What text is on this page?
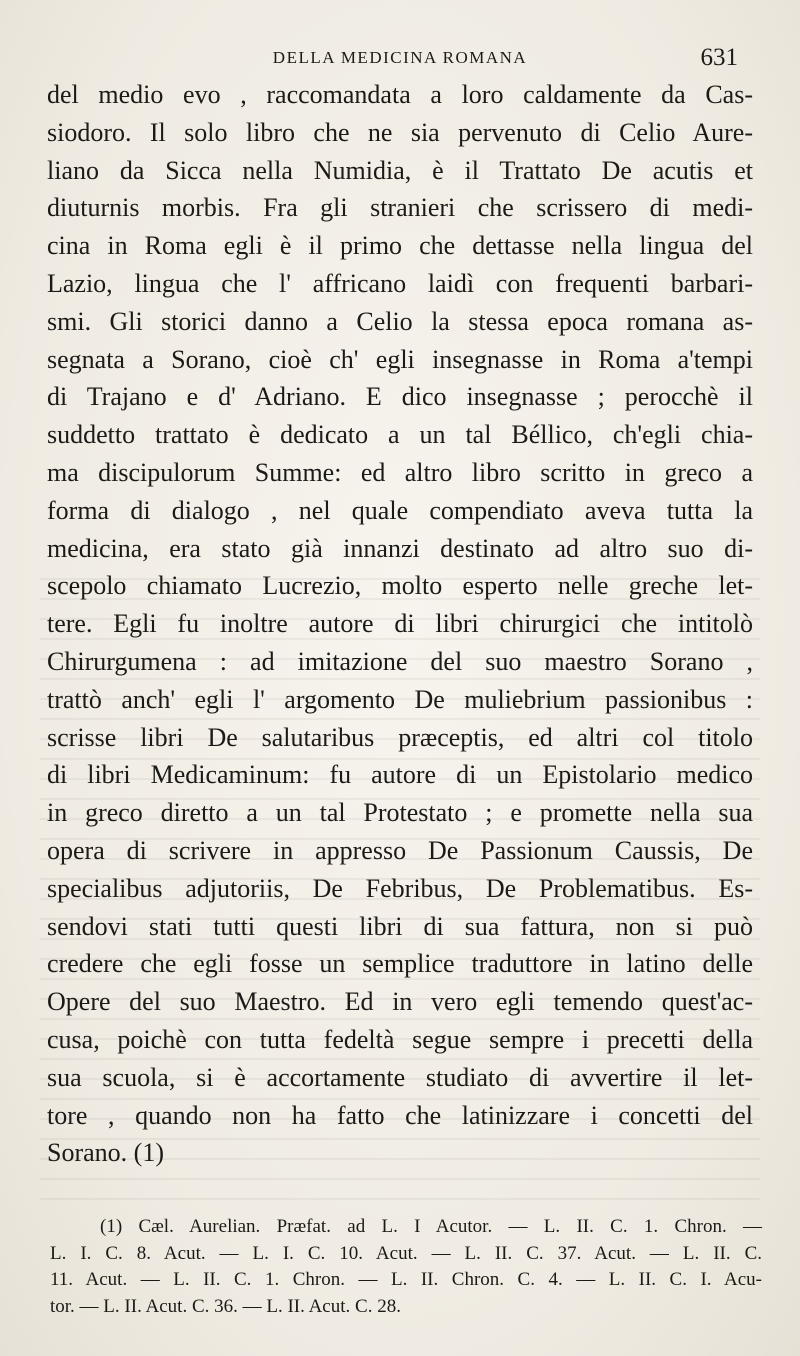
DELLA MEDICINA ROMANA	631
del medio evo , raccomandata a loro caldamente da Cas-
siodoro. Il solo libro che ne sia pervenuto di Celio Aure-
liano da Sicca nella Numidia, è il Trattato De acutis et
diuturnis morbis. Fra gli stranieri che scrissero di medi-
cina in Roma egli è il primo che dettasse nella lingua del
Lazio, lingua che l' affricano laidì con frequenti barbari-
smi. Gli storici danno a Celio la stessa epoca romana as-
segnata a Sorano, cioè ch' egli insegnasse in Roma a'tempi
di Trajano e d' Adriano. E dico insegnasse ; perocchè il
suddetto trattato è dedicato a un tal Béllico, ch'egli chia-
ma discipulorum Summe: ed altro libro scritto in greco a
forma di dialogo , nel quale compendiato aveva tutta la
medicina, era stato già innanzi destinato ad altro suo di-
scepolo chiamato Lucrezio, molto esperto nelle greche let-
tere. Egli fu inoltre autore di libri chirurgici che intitolò
Chirurgumena : ad imitazione del suo maestro Sorano ,
trattò anch' egli l' argomento De muliebrium passionibus :
scrisse libri De salutaribus præceptis, ed altri col titolo
di libri Medicaminum: fu autore di un Epistolario medico
in greco diretto a un tal Protestato ; e promette nella sua
opera di scrivere in appresso De Passionum Caussis, De
specialibus adjutoriis, De Febribus, De Problematibus. Es-
sendovi stati tutti questi libri di sua fattura, non si può
credere che egli fosse un semplice traduttore in latino delle
Opere del suo Maestro. Ed in vero egli temendo quest'ac-
cusa, poichè con tutta fedeltà segue sempre i precetti della
sua scuola, si è accortamente studiato di avvertire il let-
tore , quando non ha fatto che latinizzare i concetti del
Sorano. (1)
(1) Cæl. Aurelian. Præfat. ad L. I Acutor. — L. II. C. 1. Chron. —
L. I. C. 8. Acut. — L. I. C. 10. Acut. — L. II. C. 37. Acut. — L. II. C.
11. Acut. — L. II. C. 1. Chron. — L. II. Chron. C. 4. — L. II. C. I. Acu-
tor. — L. II. Acut. C. 36. — L. II. Acut. C. 28.
